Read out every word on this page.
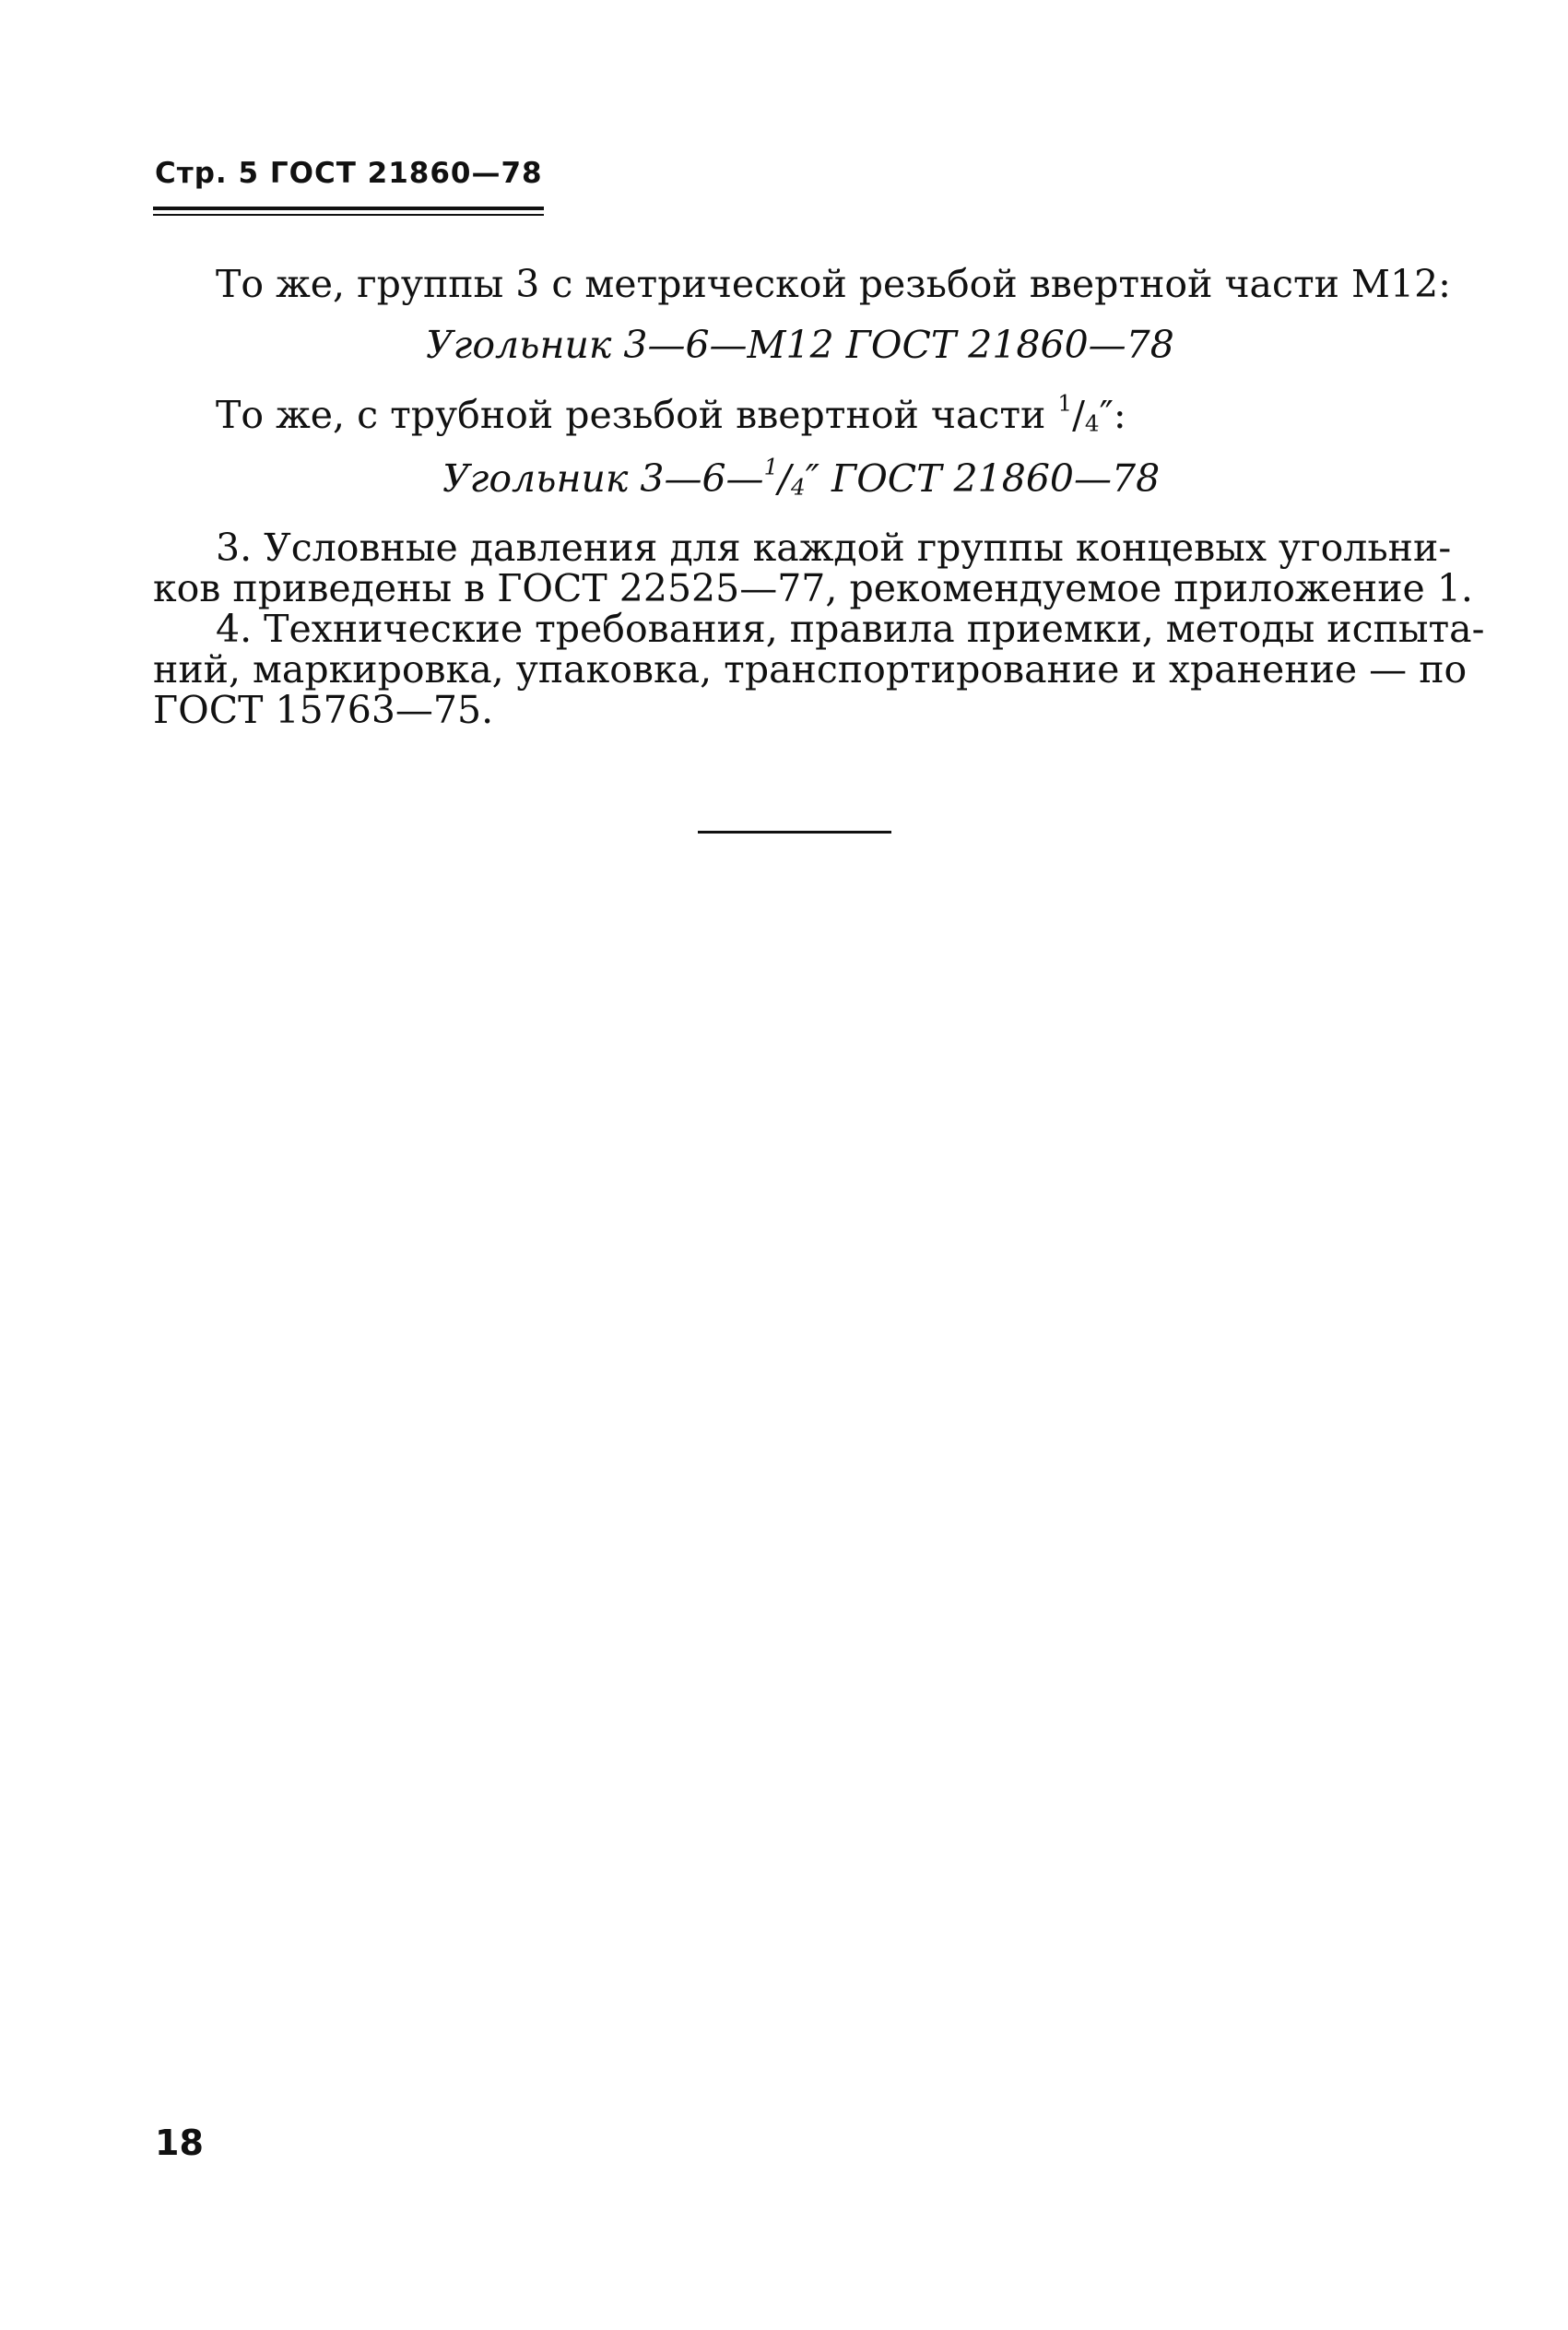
Стр. 5 ГОСТ 21860—78
То же, группы 3 с метрической резьбой ввертной части М12:
Угольник 3—6—М12 ГОСТ 21860—78
То же, с трубной резьбой ввертной части $^1$/4″:
Угольник 3—6—$^1$/4″ ГОСТ 21860—78
3. Условные давления для каждой группы концевых угольни-
ков приведены в ГОСТ 22525—77, рекомендуемое приложение 1.
4. Технические требования, правила приемки, методы испыта-
ний, маркировка, упаковка, транспортирование и хранение — по
ГОСТ 15763—75.
18
